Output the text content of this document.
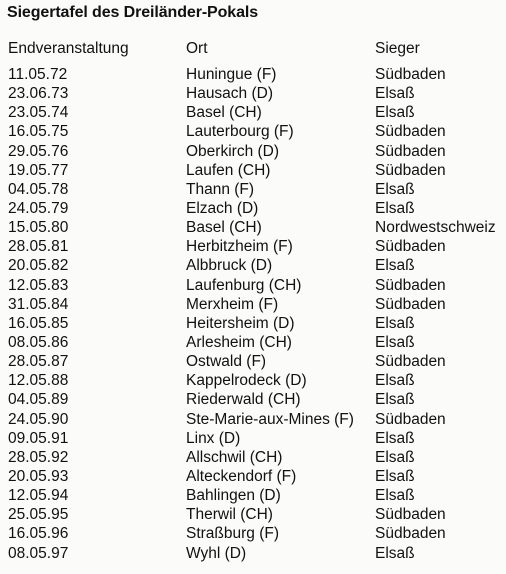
Siegertafel des Dreiländer-Pokals
Endveranstaltung	Ort	Sieger
11.05.72	Huningue (F)	Südbaden
23.06.73	Hausach (D)	Elsaß
23.05.74	Basel (CH)	Elsaß
16.05.75	Lauterbourg (F)	Südbaden
29.05.76	Oberkirch (D)	Südbaden
19.05.77	Laufen (CH)	Südbaden
04.05.78	Thann (F)	Elsaß
24.05.79	Elzach (D)	Elsaß
15.05.80	Basel (CH)	Nordwestschweiz
28.05.81	Herbitzheim (F)	Südbaden
20.05.82	Albbruck (D)	Elsaß
12.05.83	Laufenburg (CH)	Südbaden
31.05.84	Merxheim (F)	Südbaden
16.05.85	Heitersheim (D)	Elsaß
08.05.86	Arlesheim (CH)	Elsaß
28.05.87	Ostwald (F)	Südbaden
12.05.88	Kappelrodeck (D)	Elsaß
04.05.89	Riederwald (CH)	Elsaß
24.05.90	Ste-Marie-aux-Mines (F) Südbaden
09.05.91	Linx (D)	Elsaß
28.05.92	Allschwil (CH)	Elsaß
20.05.93	Alteckendorf (F)	Elsaß
12.05.94	Bahlingen (D)	Elsaß
25.05.95	Therwil (CH)	Südbaden
16.05.96	Straßburg (F)	Südbaden
08.05.97	Wyhl (D)	Elsaß
